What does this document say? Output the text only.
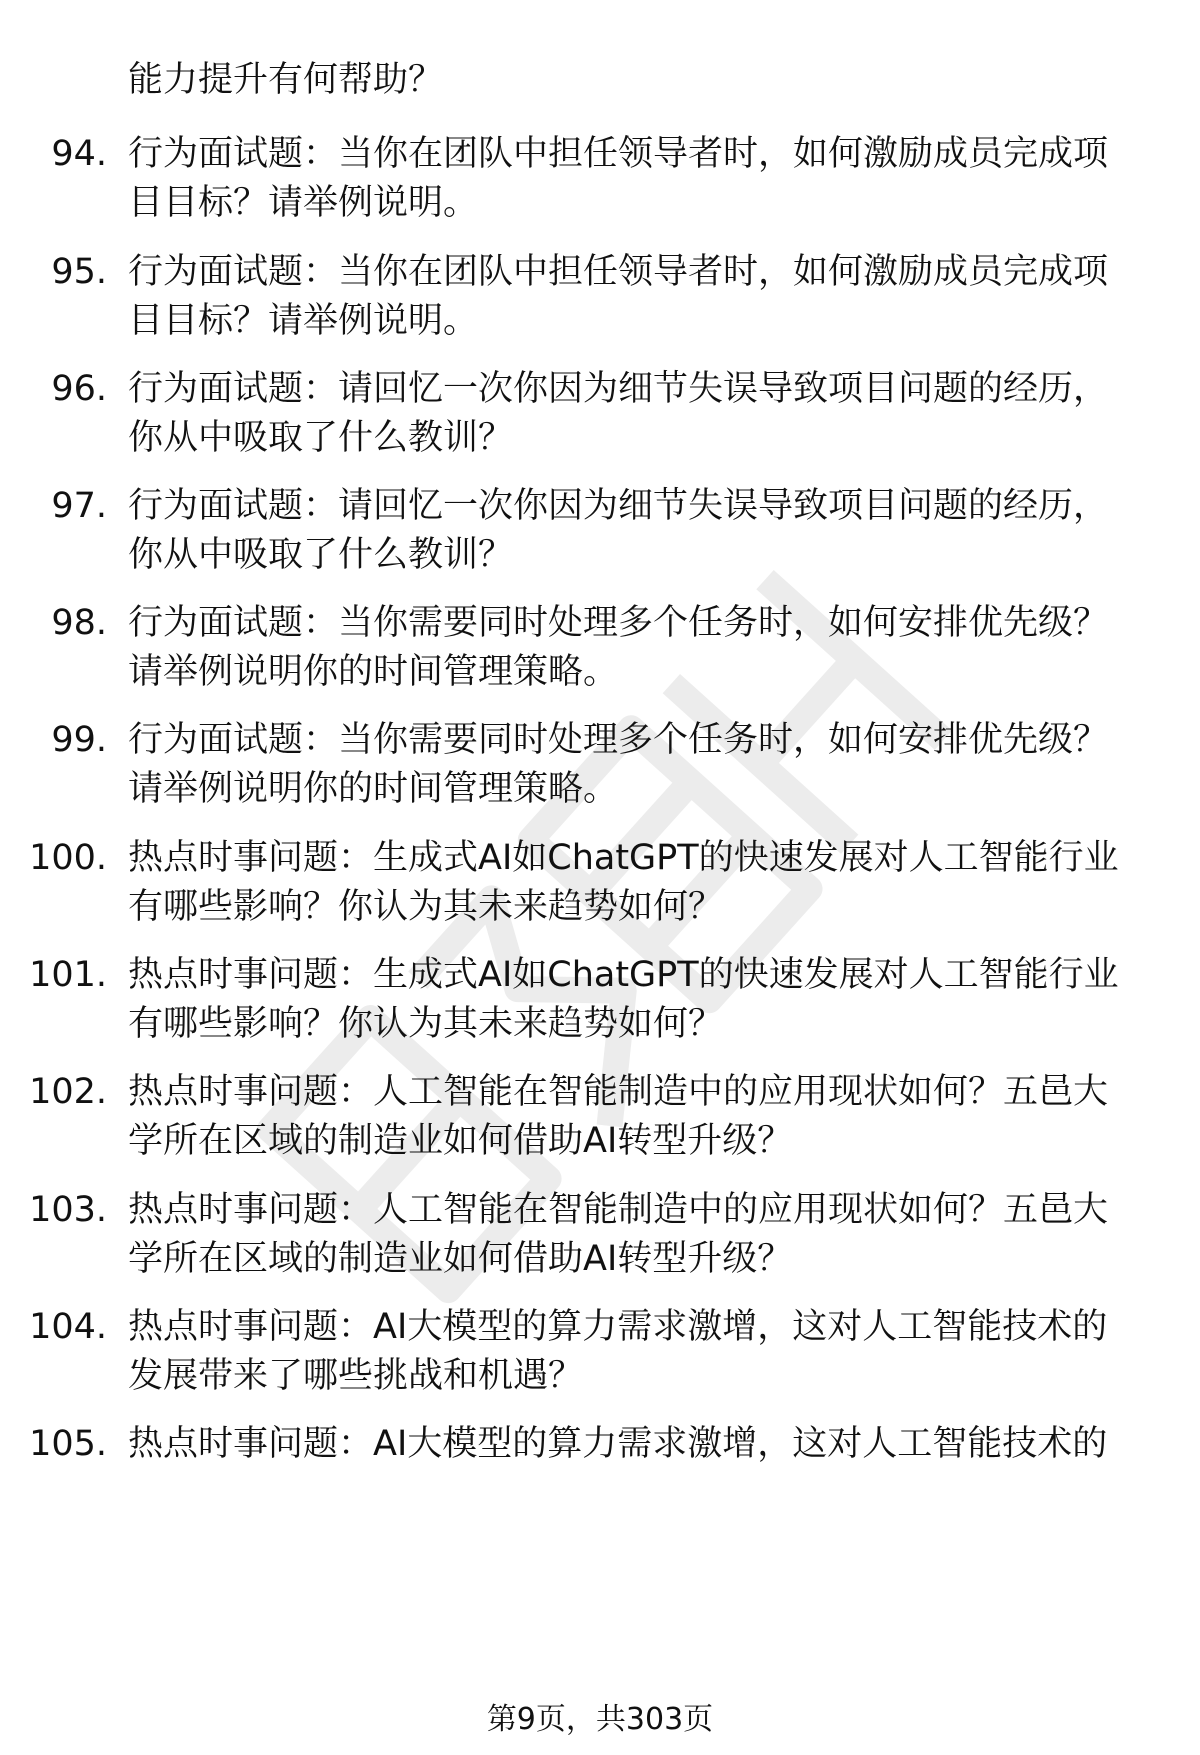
能力提升有何帮助？
94. 行为面试题：当你在团队中担任领导者时，如何激励成员完成项
目目标？请举例说明。
95. 行为面试题：当你在团队中担任领导者时，如何激励成员完成项
目目标？请举例说明。
96. 行为面试题：请回忆一次你因为细节失误导致项目问题的经历，
你从中吸取了什么教训？
97. 行为面试题：请回忆一次你因为细节失误导致项目问题的经历，
你从中吸取了什么教训？
98. 行为面试题：当你需要同时处理多个任务时，如何安排优先级？
请举例说明你的时间管理策略。
99. 行为面试题：当你需要同时处理多个任务时，如何安排优先级？
请举例说明你的时间管理策略。
100. 热点时事问题：生成式AI如ChatGPT的快速发展对人工智能行业
有哪些影响？你认为其未来趋势如何？
101. 热点时事问题：生成式AI如ChatGPT的快速发展对人工智能行业
有哪些影响？你认为其未来趋势如何？
102. 热点时事问题：人工智能在智能制造中的应用现状如何？五邑大
学所在区域的制造业如何借助AI转型升级？
103. 热点时事问题：人工智能在智能制造中的应用现状如何？五邑大
学所在区域的制造业如何借助AI转型升级？
104. 热点时事问题：AI大模型的算力需求激增，这对人工智能技术的
发展带来了哪些挑战和机遇？
105. 热点时事问题：AI大模型的算力需求激增，这对人工智能技术的
第9页，共303页
